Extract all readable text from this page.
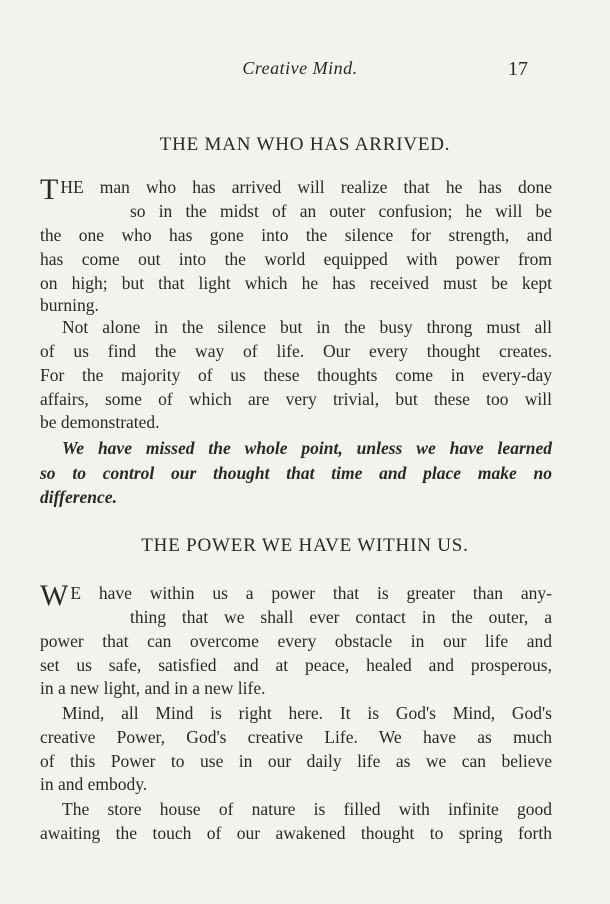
Creative Mind.	17
THE MAN WHO HAS ARRIVED.
T HE man who has arrived will realize that he has done
so in the midst of an outer confusion; he will be
the one who has gone into the silence for strength, and
has come out into the world equipped with power from
on high; but that light which he has received must be kept
burning.
Not alone in the silence but in the busy throng must all
of us find the way of life. Our every thought creates.
For the majority of us these thoughts come in every-day
affairs, some of which are very trivial, but these too will
be demonstrated.
We have missed the whole point, unless we have learned
so to control our thought that time and place make no
difference.
THE POWER WE HAVE WITHIN US.
W E have within us a power that is greater than any-
thing that we shall ever contact in the outer, a
power that can overcome every obstacle in our life and
set us safe, satisfied and at peace, healed and prosperous,
in a new light, and in a new life.
Mind, all Mind is right here. It is God's Mind, God's
creative Power, God's creative Life. We have as much
of this Power to use in our daily life as we can believe
in and embody.
The store house of nature is filled with infinite good
awaiting the touch of our awakened thought to spring forth
